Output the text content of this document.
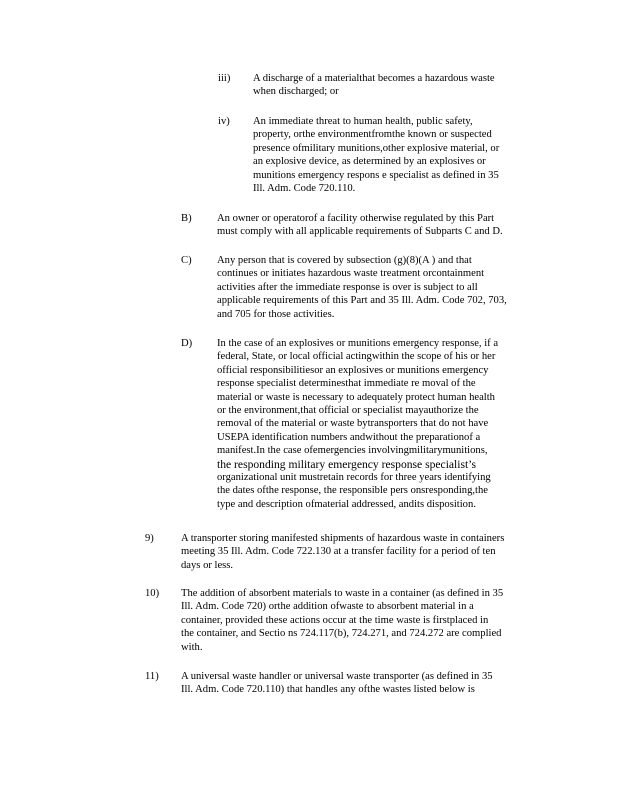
iii) A discharge of a materialthat becomes a hazardous waste
when discharged; or
iv) An immediate threat to human health, public safety,
property, orthe environmentfromthe known or suspected
presence ofmilitary munitions,other explosive material, or
an explosive device, as determined by an explosives or
munitions emergency respons e specialist as defined in 35
Ill. Adm. Code 720.110.
B) An owner or operatorof a facility otherwise regulated by this Part
must comply with all applicable requirements of Subparts C and D.
C) Any person that is covered by subsection (g)(8)(A ) and that
continues or initiates hazardous waste treatment orcontainment
activities after the immediate response is over is subject to all
applicable requirements of this Part and 35 Ill. Adm. Code 702, 703,
and 705 for those activities.
D) In the case of an explosives or munitions emergency response, if a
federal, State, or local official actingwithin the scope of his or her
official responsibilitiesor an explosives or munitions emergency
response specialist determinesthat immediate re moval of the
material or waste is necessary to adequately protect human health
or the environment,that official or specialist mayauthorize the
removal of the material or waste bytransporters that do not have
USEPA identification numbers andwithout the preparationof a
manifest.In the case ofemergencies involvingmilitarymunitions,
the responding military emergency response specialist’s
organizational unit mustretain records for three years identifying
the dates ofthe response, the responsible pers onsresponding,the
type and description ofmaterial addressed, andits disposition.
9)	A transporter storing manifested shipments of hazardous waste in containers
meeting 35 Ill. Adm. Code 722.130 at a transfer facility for a period of ten
days or less.
10) The addition of absorbent materials to waste in a container (as defined in 35
Ill. Adm. Code 720) orthe addition ofwaste to absorbent material in a
container, provided these actions occur at the time waste is firstplaced in
the container, and Sectio ns 724.117(b), 724.271, and 724.272 are complied
with.
11) A universal waste handler or universal waste transporter (as defined in 35
Ill. Adm. Code 720.110) that handles any ofthe wastes listed below is
